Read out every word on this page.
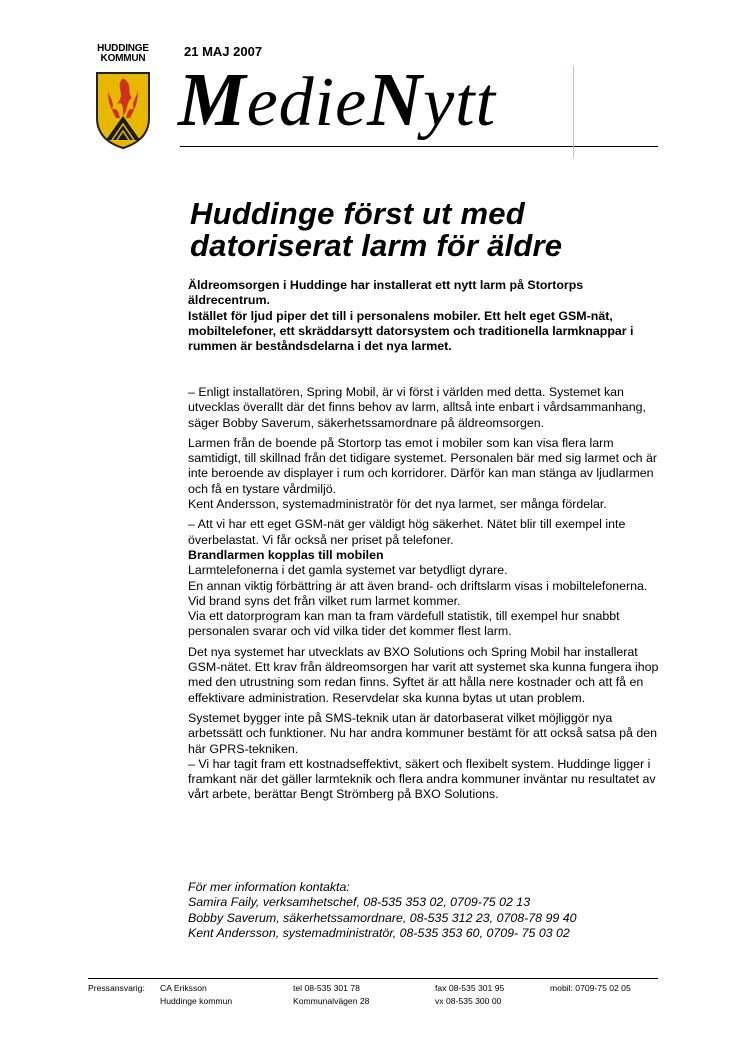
HUDDINGE
KOMMUN	21 MAJ 2007
MedieNytt
Huddinge först ut med
datoriserat larm för äldre

Äldreomsorgen i Huddinge har installerat ett nytt larm på Stortorps äldrecentrum.

Istället för ljud piper det till i personalens mobiler. Ett helt eget GSM-nät, mobiltelefoner, ett skräddarsytt datorsystem och traditionella larmknappar i rummen är beståndsdelarna i det nya larmet.

– Enligt installatören, Spring Mobil, är vi först i världen med detta. Systemet kan utvecklas överallt där det finns behov av larm, alltså inte enbart i vårdsammanhang, säger Bobby Saverum, säkerhetssamordnare på äldreomsorgen.

Larmen från de boende på Stortorp tas emot i mobiler som kan visa flera larm samtidigt, till skillnad från det tidigare systemet. Personalen bär med sig larmet och är inte beroende av displayer i rum och korridorer. Därför kan man stänga av ljudlarmen och få en tystare vårdmiljö.

Kent Andersson, systemadministratör för det nya larmet, ser många fördelar.

– Att vi har ett eget GSM-nät ger väldigt hög säkerhet. Nätet blir till exempel inte överbelastat. Vi får också ner priset på telefoner.

Brandlarmen kopplas till mobilen

Larmtelefonerna i det gamla systemet var betydligt dyrare.

En annan viktig förbättring är att även brand- och driftslarm visas i mobiltelefonerna. Vid brand syns det från vilket rum larmet kommer.

Via ett datorprogram kan man ta fram värdefull statistik, till exempel hur snabbt personalen svarar och vid vilka tider det kommer flest larm.

Det nya systemet har utvecklats av BXO Solutions och Spring Mobil har installerat GSM-nätet. Ett krav från äldreomsorgen har varit att systemet ska kunna fungera ihop med den utrustning som redan finns. Syftet är att hålla nere kostnader och att få en effektivare administration. Reservdelar ska kunna bytas ut utan problem.

Systemet bygger inte på SMS-teknik utan är datorbaserat vilket möjliggör nya arbetssätt och funktioner. Nu har andra kommuner bestämt för att också satsa på den här GPRS-tekniken.

– Vi har tagit fram ett kostnadseffektivt, säkert och flexibelt system. Huddinge ligger i framkant när det gäller larmteknik och flera andra kommuner inväntar nu resultatet av vårt arbete, berättar Bengt Strömberg på BXO Solutions.

För mer information kontakta:
Samira Faily, verksamhetschef, 08-535 353 02, 0709-75 02 13
Bobby Saverum, säkerhetssamordnare, 08-535 312 23, 0708-78 99 40
Kent Andersson, systemadministratör, 08-535 353 60, 0709- 75 03 02
Pressansvarig: CA Eriksson
Huddinge kommun
tel 08-535 301 78
Kommunalvägen 28
fax 08-535 301 95
vx 08-535 300 00
mobil: 0709-75 02 05
